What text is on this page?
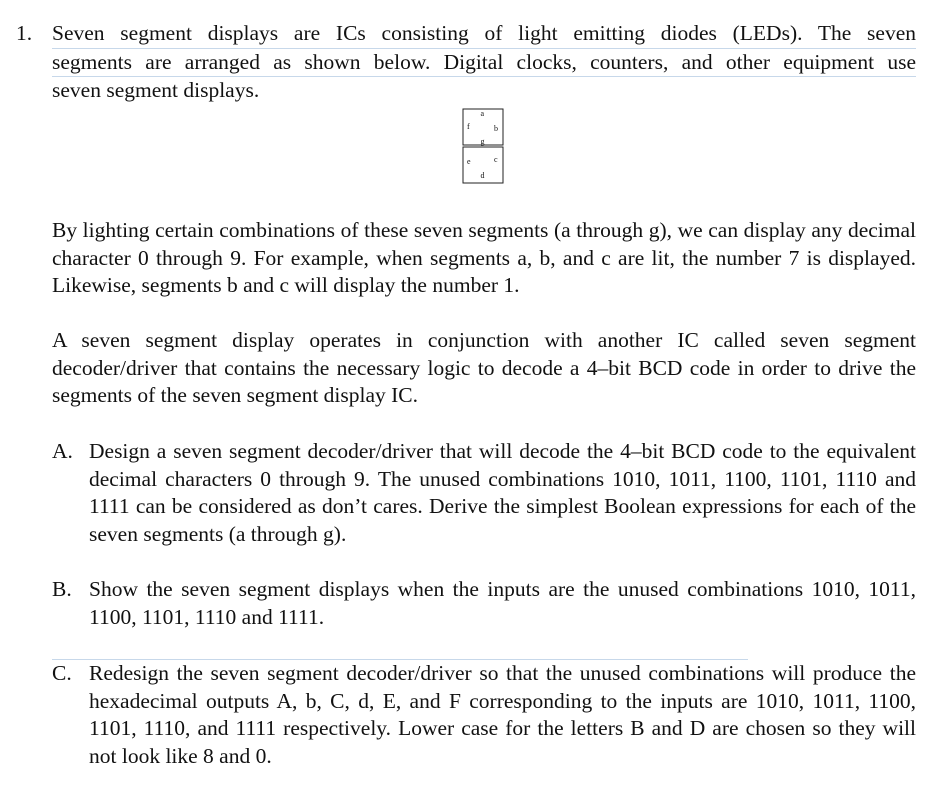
1. Seven segment displays are ICs consisting of light emitting diodes (LEDs). The seven
segments are arranged as shown below. Digital clocks, counters, and other equipment use
seven segment displays.
a
f	b
g
e	c
d

By lighting certain combinations of these seven segments (a through g), we can display any decimal character 0 through 9. For example, when segments a, b, and c are lit, the number 7 is displayed. Likewise, segments b and c will display the number 1.

A seven segment display operates in conjunction with another IC called seven segment decoder/driver that contains the necessary logic to decode a 4–bit BCD code in order to drive the segments of the seven segment display IC.

A. Design a seven segment decoder/driver that will decode the 4–bit BCD code to the equivalent decimal characters 0 through 9. The unused combinations 1010, 1011, 1100, 1101, 1110 and 1111 can be considered as don’t cares. Derive the simplest Boolean expressions for each of the seven segments (a through g).
B. Show the seven segment displays when the inputs are the unused combinations 1010, 1011, 1100, 1101, 1110 and 1111.
C. Redesign the seven segment decoder/driver so that the unused combinations will produce the hexadecimal outputs A, b, C, d, E, and F corresponding to the inputs are 1010, 1011, 1100, 1101, 1110, and 1111 respectively. Lower case for the letters B and D are chosen so they will not look like 8 and 0.
